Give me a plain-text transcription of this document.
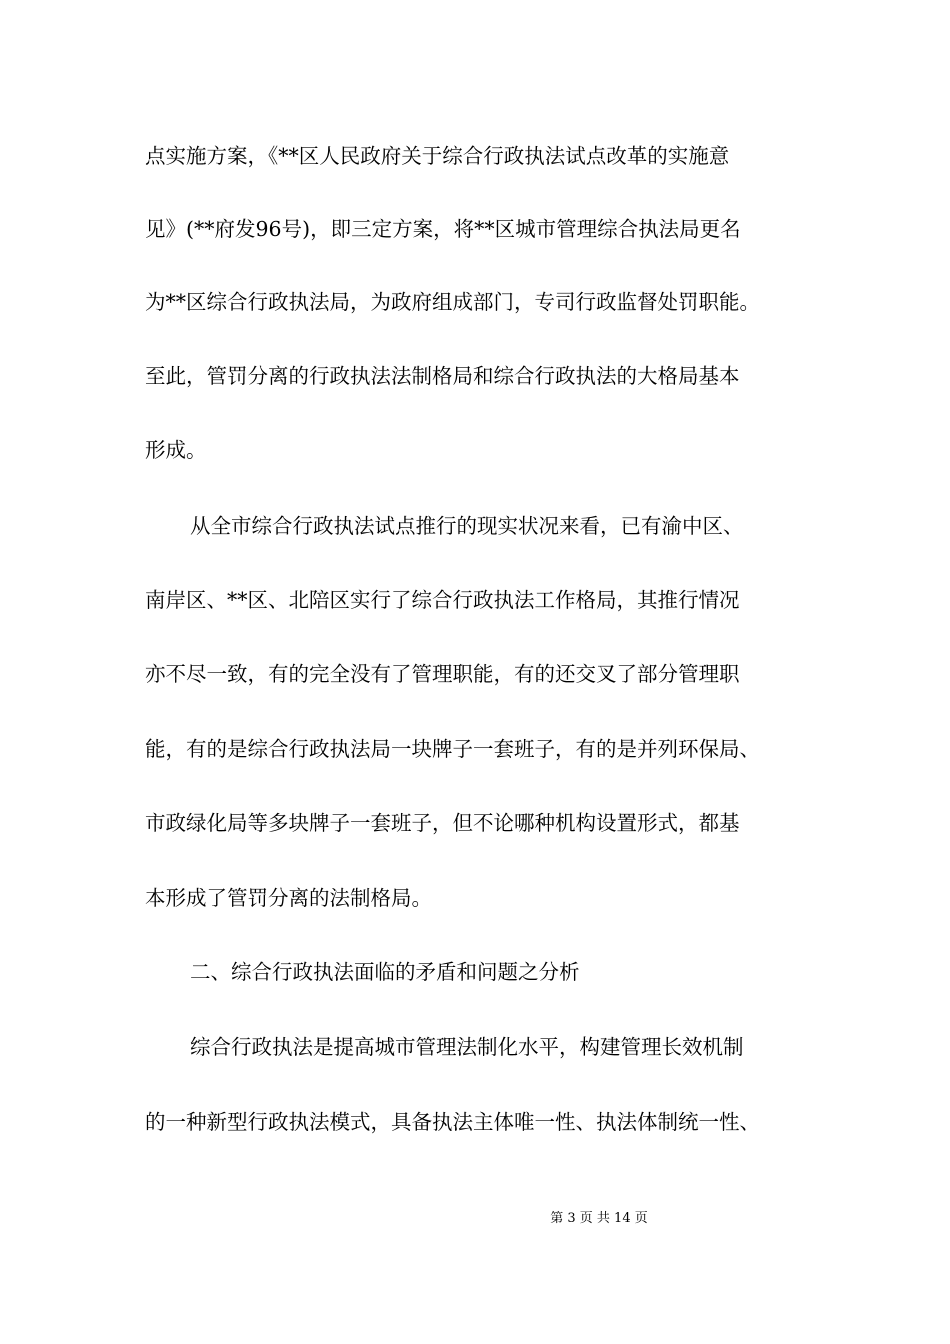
点实施方案，《**区人民政府关于综合行政执法试点改革的实施意
见》(**府发96号)，即三定方案，将**区城市管理综合执法局更名
为**区综合行政执法局，为政府组成部门，专司行政监督处罚职能。
至此，管罚分离的行政执法法制格局和综合行政执法的大格局基本
形成。
从全市综合行政执法试点推行的现实状况来看，已有渝中区、
南岸区、**区、北陪区实行了综合行政执法工作格局，其推行情况
亦不尽一致，有的完全没有了管理职能，有的还交叉了部分管理职
能，有的是综合行政执法局一块牌子一套班子，有的是并列环保局、
市政绿化局等多块牌子一套班子，但不论哪种机构设置形式，都基
本形成了管罚分离的法制格局。
二、综合行政执法面临的矛盾和问题之分析
综合行政执法是提高城市管理法制化水平，构建管理长效机制
的一种新型行政执法模式，具备执法主体唯一性、执法体制统一性、
第 3 页 共 14 页
